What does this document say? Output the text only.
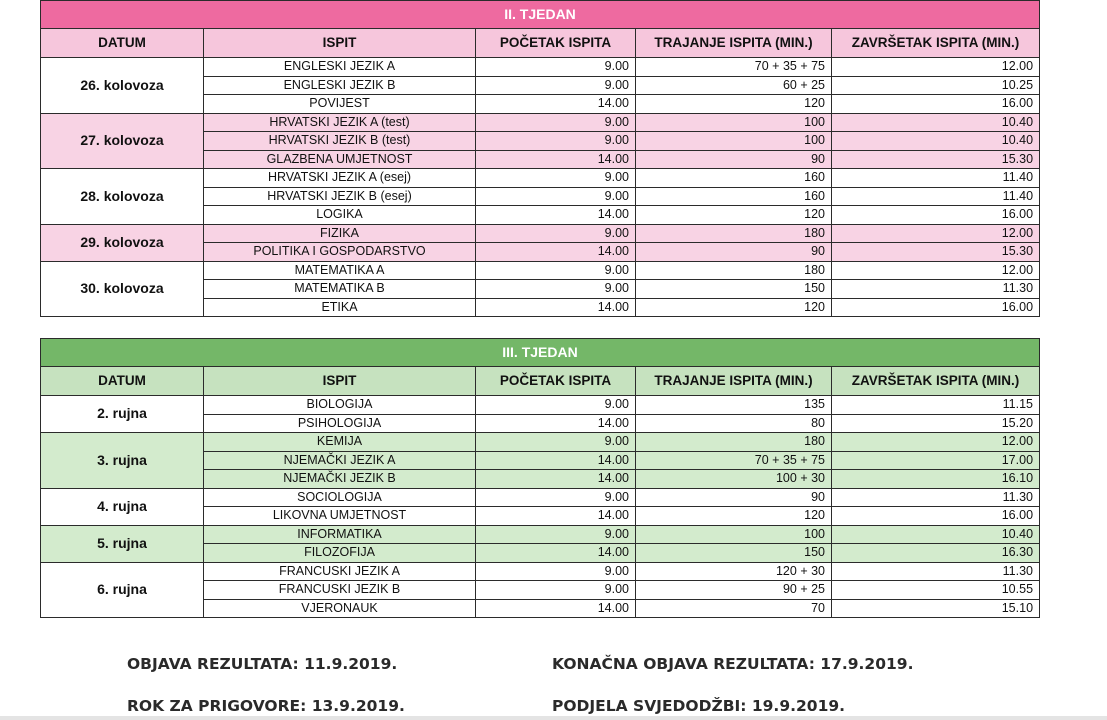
II. TJEDAN				
DATUM	ISPIT	POČETAK ISPITA	TRAJANJE ISPITA (MIN.)	ZAVRŠETAK ISPITA (MIN.)
26. kolovoza	ENGLESKI JEZIK A	9.00	70 + 35 + 75	12.00
	ENGLESKI JEZIK B	9.00	60 + 25	10.25
	POVIJEST	14.00	120	16.00
27. kolovoza	HRVATSKI JEZIK A (test)	9.00	100	10.40
	HRVATSKI JEZIK B (test)	9.00	100	10.40
	GLAZBENA UMJETNOST	14.00	90	15.30
28. kolovoza	HRVATSKI JEZIK A (esej)	9.00	160	11.40
	HRVATSKI JEZIK B (esej)	9.00	160	11.40
	LOGIKA	14.00	120	16.00
29. kolovoza	FIZIKA	9.00	180	12.00
	POLITIKA I GOSPODARSTVO	14.00	90	15.30
30. kolovoza	MATEMATIKA A	9.00	180	12.00
	MATEMATIKA B	9.00	150	11.30
	ETIKA	14.00	120	16.00
III. TJEDAN				
DATUM	ISPIT	POČETAK ISPITA	TRAJANJE ISPITA (MIN.)	ZAVRŠETAK ISPITA (MIN.)
2. rujna	BIOLOGIJA	9.00	135	11.15
	PSIHOLOGIJA	14.00	80	15.20
3. rujna	KEMIJA	9.00	180	12.00
	NJEMAČKI JEZIK A	14.00	70 + 35 + 75	17.00
	NJEMAČKI JEZIK B	14.00	100 + 30	16.10
4. rujna	SOCIOLOGIJA	9.00	90	11.30
	LIKOVNA UMJETNOST	14.00	120	16.00
5. rujna	INFORMATIKA	9.00	100	10.40
	FILOZOFIJA	14.00	150	16.30
6. rujna	FRANCUSKI JEZIK A	9.00	120 + 30	11.30
	FRANCUSKI JEZIK B	9.00	90 + 25	10.55
	VJERONAUK	14.00	70	15.10
OBJAVA REZULTATA: 11.9.2019.	KONAČNA OBJAVA REZULTATA: 17.9.2019.
ROK ZA PRIGOVORE: 13.9.2019.	PODJELA SVJEDODŽBI: 19.9.2019.
